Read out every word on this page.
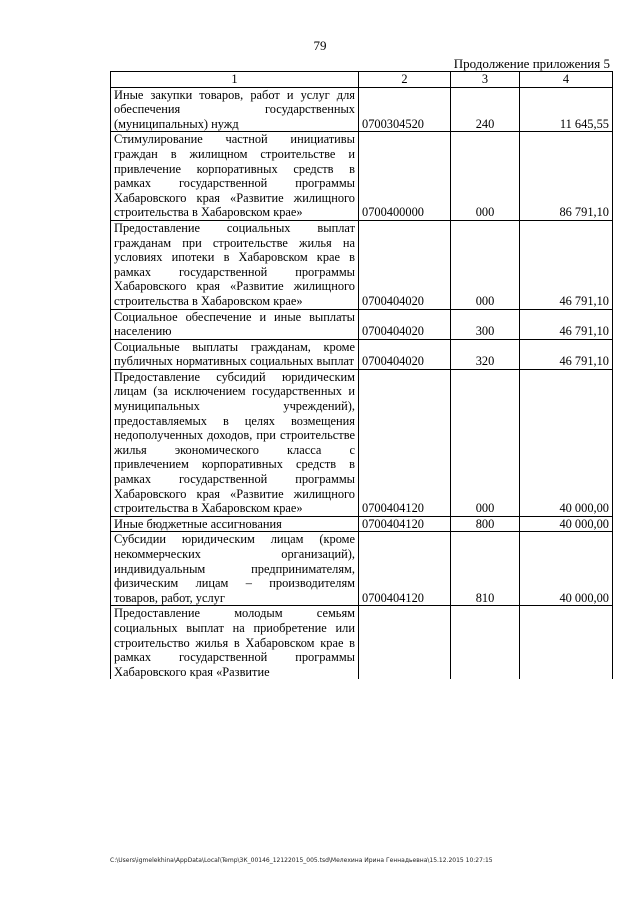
79
Продолжение приложения 5
1	2	3	4
Иные закупки товаров, работ и услуг для обеспечения государственных (муниципальных) нужд	0700304520	240	11 645,55
Стимулирование частной инициативы граждан в жилищном строительстве и привлечение корпоративных средств в рамках государственной программы Хабаровского края «Развитие жилищного строительства в Хабаровском крае»	0700400000	000	86 791,10
Предоставление социальных выплат гражданам при строительстве жилья на условиях ипотеки в Хабаровском крае в рамках государственной программы Хабаровского края «Развитие жилищного строительства в Хабаровском крае»	0700404020	000	46 791,10
Социальное обеспечение и иные выплаты населению	0700404020	300	46 791,10
Социальные выплаты гражданам, кроме публичных нормативных социальных выплат	0700404020	320	46 791,10
Предоставление субсидий юридическим лицам (за исключением государственных и муниципальных учреждений), предоставляемых в целях возмещения недополученных доходов, при строительстве жилья экономического класса с привлечением корпоративных средств в рамках государственной программы Хабаровского края «Развитие жилищного строительства в Хабаровском крае»	0700404120	000	40 000,00
Иные бюджетные ассигнования	0700404120	800	40 000,00
Субсидии юридическим лицам (кроме некоммерческих организаций), индивидуальным предпринимателям, физическим лицам – производителям товаров, работ, услуг	0700404120	810	40 000,00
Предоставление молодым семьям социальных выплат на приобретение или строительство жилья в Хабаровском крае в рамках государственной программы Хабаровского края «Развитие			
C:\Users\igmelekhina\AppData\Local\Temp\ЗК_00146_12122015_005.tsd\Мелехина Ирина Геннадьевна\15.12.2015 10:27:15
